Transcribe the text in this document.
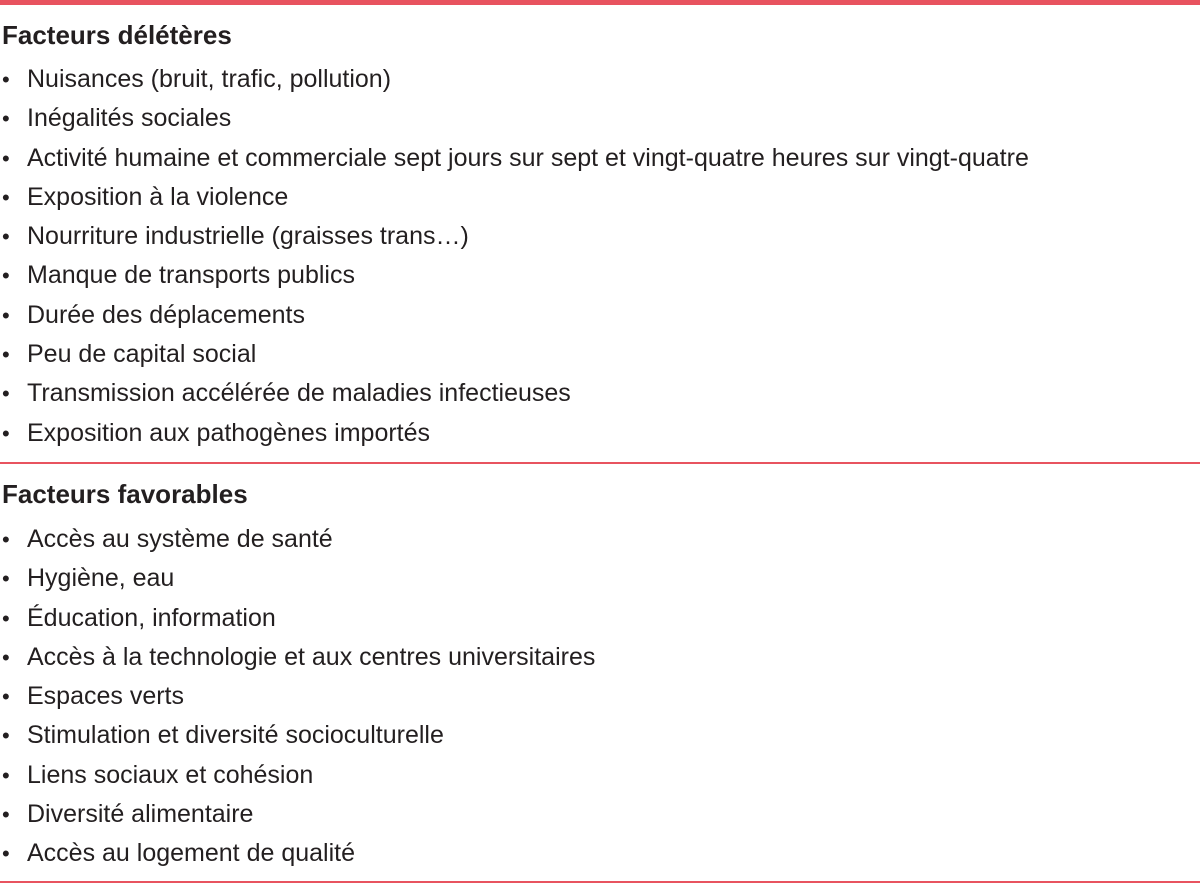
Facteurs délétères
• Nuisances (bruit, trafic, pollution)
• Inégalités sociales
• Activité humaine et commerciale sept jours sur sept et vingt-quatre heures sur vingt-quatre
• Exposition à la violence
• Nourriture industrielle (graisses trans…)
• Manque de transports publics
• Durée des déplacements
• Peu de capital social
• Transmission accélérée de maladies infectieuses
• Exposition aux pathogènes importés
Facteurs favorables
• Accès au système de santé
• Hygiène, eau
• Éducation, information
• Accès à la technologie et aux centres universitaires
• Espaces verts
• Stimulation et diversité socioculturelle
• Liens sociaux et cohésion
• Diversité alimentaire
• Accès au logement de qualité
